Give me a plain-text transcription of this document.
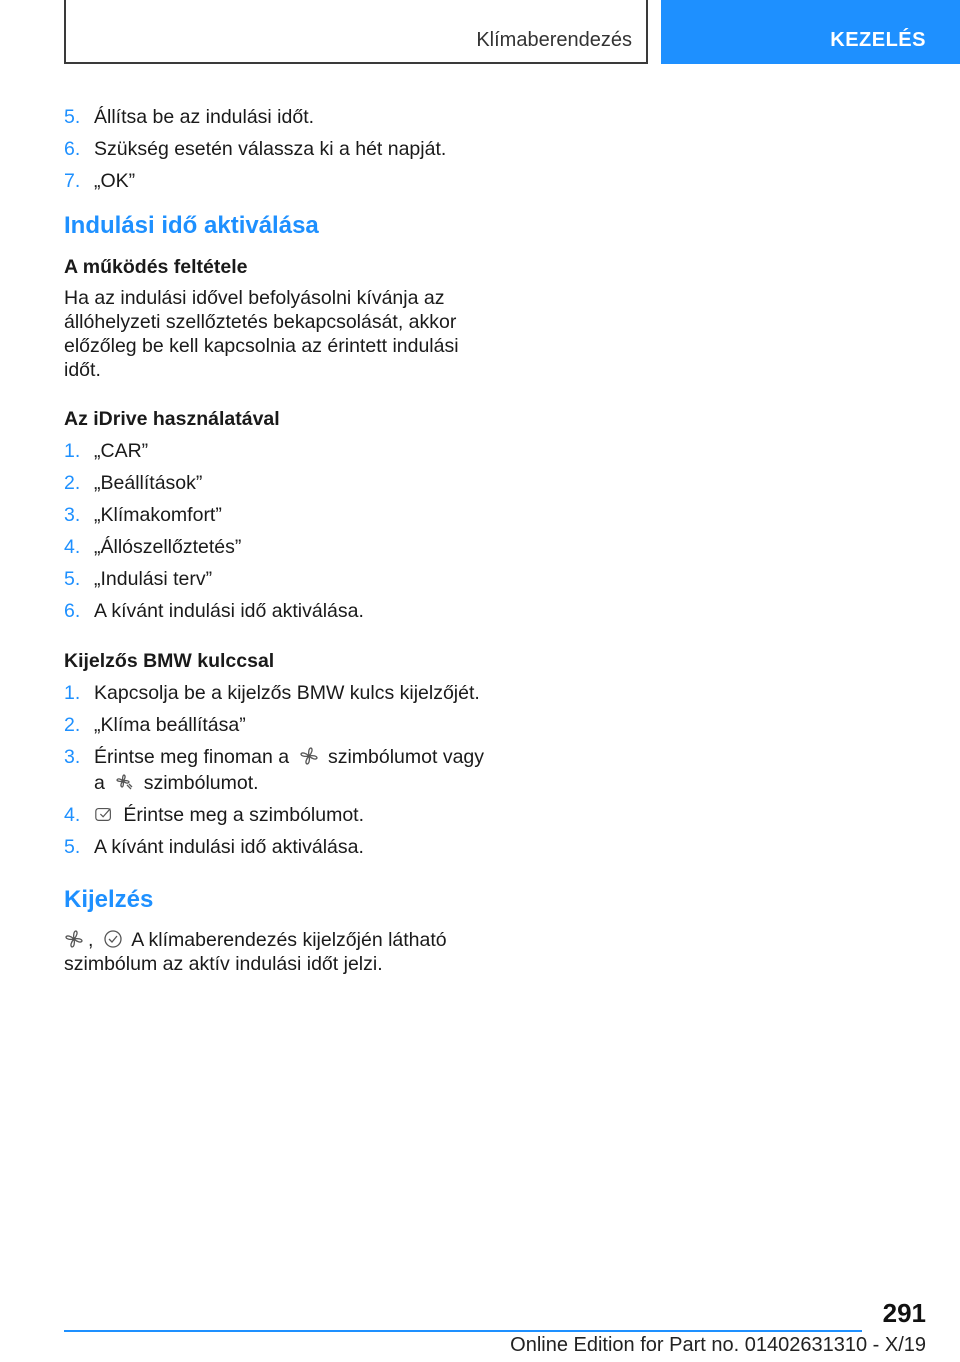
Klímaberendezés	KEZELÉS
5. Állítsa be az indulási időt.
6. Szükség esetén válassza ki a hét napját.
7. „OK”
Indulási idő aktiválása
A működés feltétele
Ha az indulási idővel befolyásolni kívánja az állóhelyzeti szellőztetés bekapcsolását, akkor előzőleg be kell kapcsolnia az érintett indulási időt.
Az iDrive használatával
1. „CAR”
2. „Beállítások”
3. „Klímakomfort”
4. „Állószellőztetés”
5. „Indulási terv”
6. A kívánt indulási idő aktiválása.
Kijelzős BMW kulccsal
1. Kapcsolja be a kijelzős BMW kulcs kijelzőjét.
2. „Klíma beállítása”
3. Érintse meg finoman a szimbólumot vagy a szimbólumot.
4. Érintse meg a szimbólumot.
5. A kívánt indulási idő aktiválása.
Kijelzés
, A klímaberendezés kijelzőjén látható szimbólum az aktív indulási időt jelzi.
291
Online Edition for Part no. 01402631310 - X/19
